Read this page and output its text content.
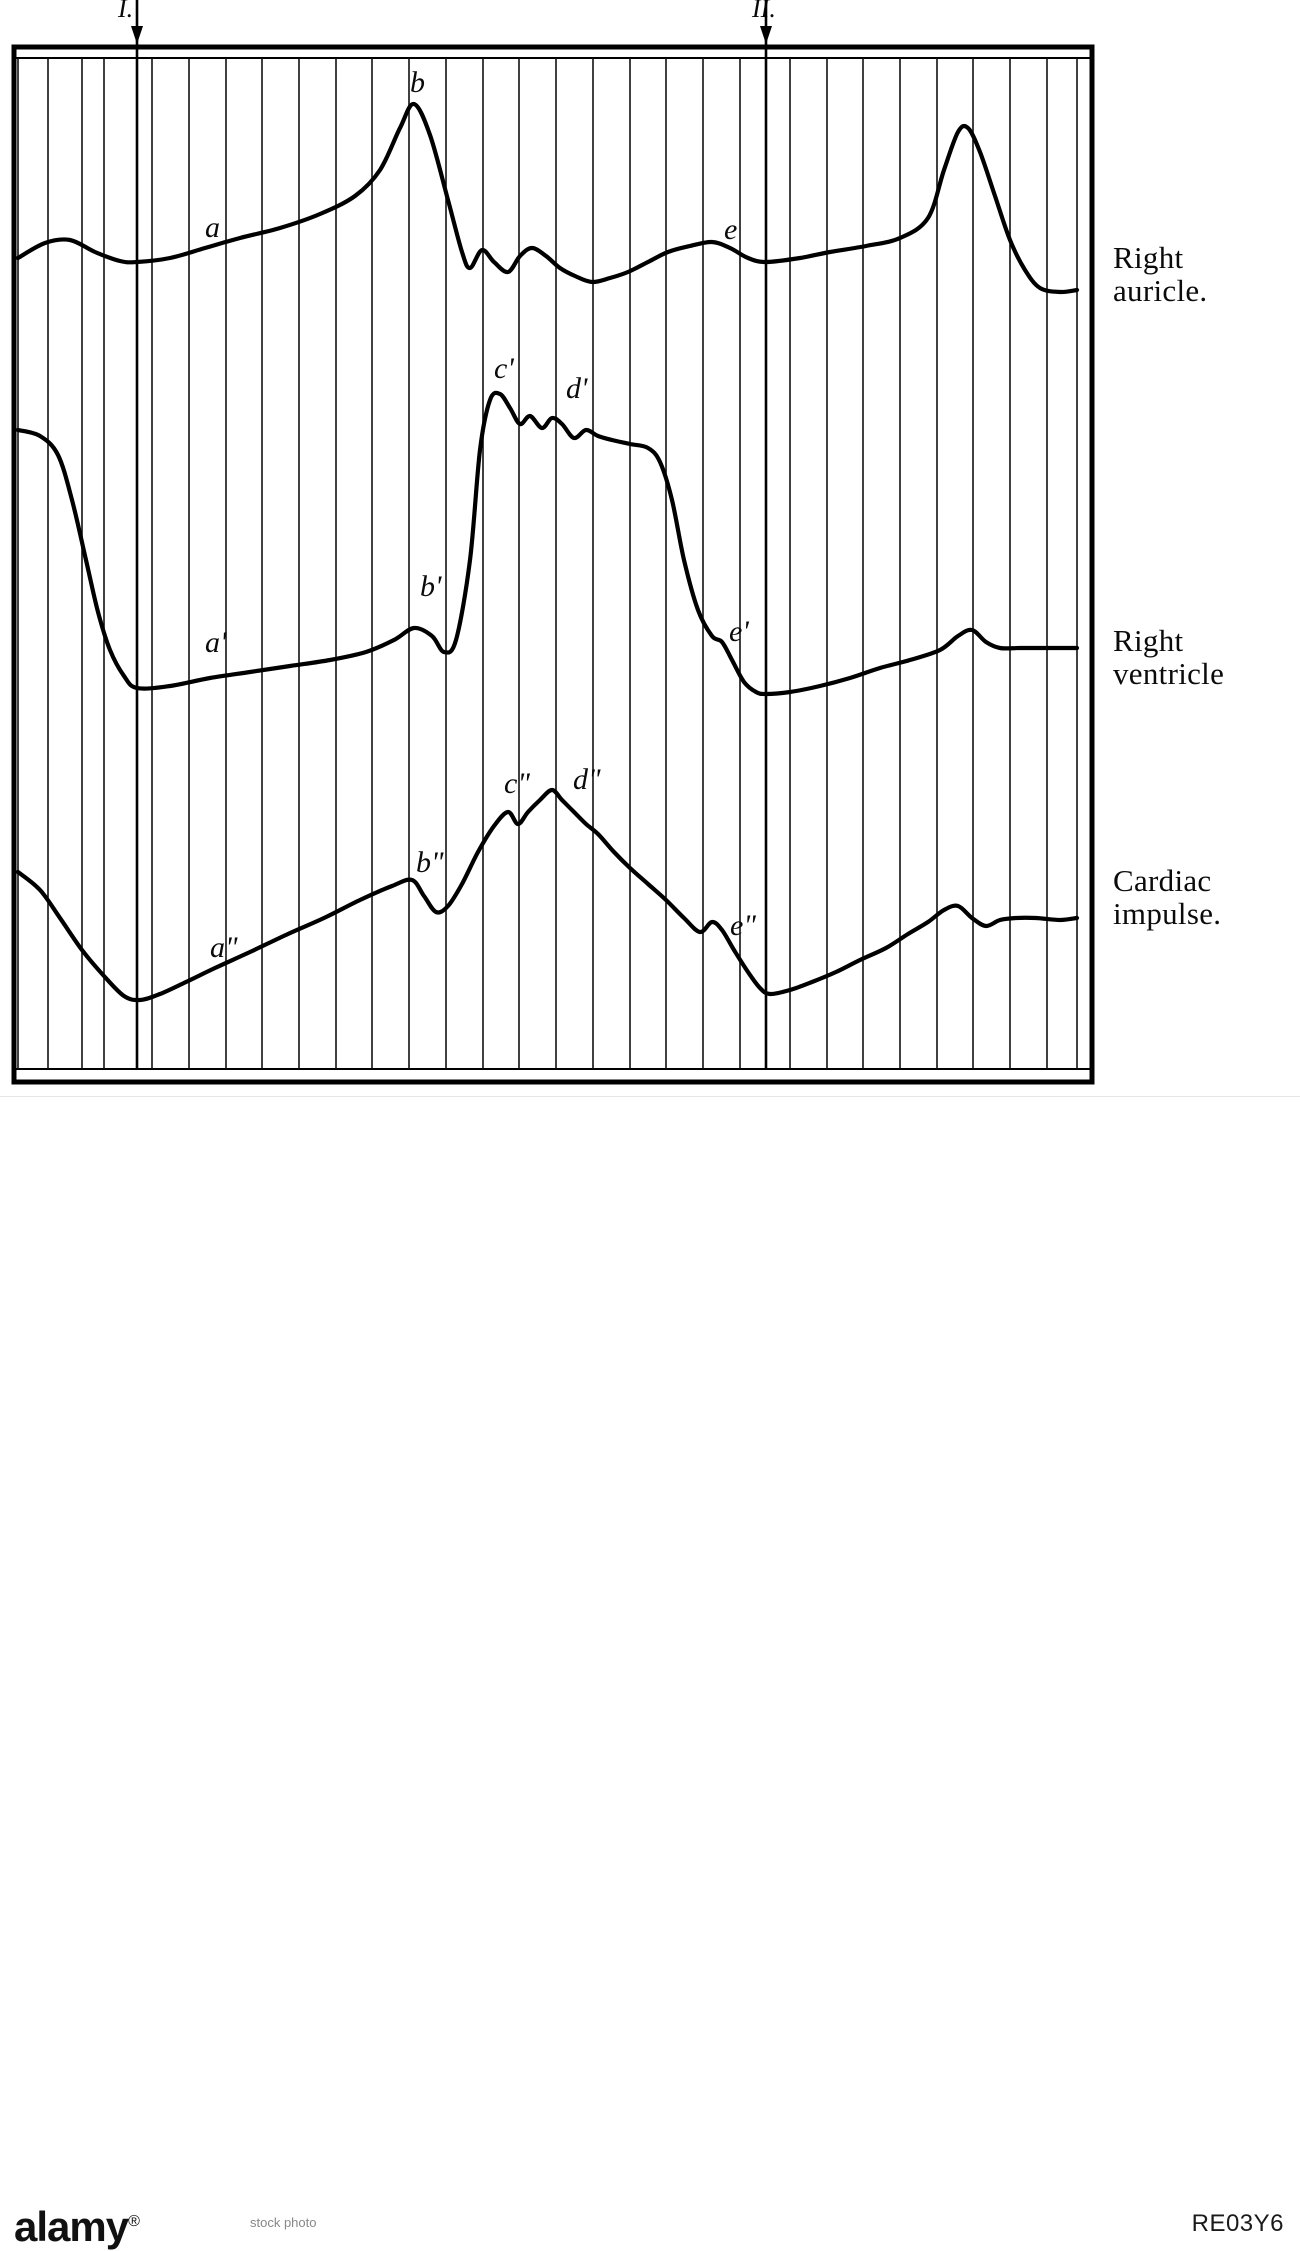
I.	II.
a
b
e
c'
d'
b'
a'	e'
c" d"
b"
a"
e"
Right
auricle.
Right
ventricle
Cardiac
impulse.
alamy®	stock photo	RE03Y6
